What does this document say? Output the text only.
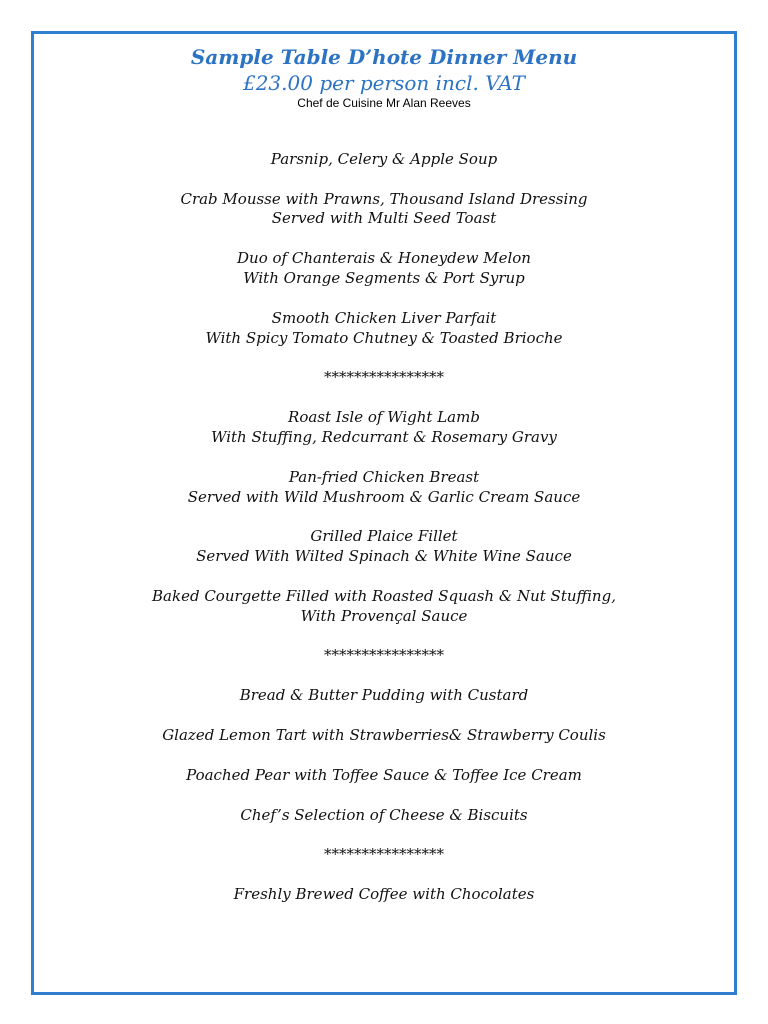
Sample Table D’hote Dinner Menu
£23.00 per person incl. VAT
Chef de Cuisine Mr Alan Reeves
Parsnip, Celery & Apple Soup
Crab Mousse with Prawns, Thousand Island Dressing
Served with Multi Seed Toast
Duo of Chanterais & Honeydew Melon
With Orange Segments & Port Syrup
Smooth Chicken Liver Parfait
With Spicy Tomato Chutney & Toasted Brioche
****************
Roast Isle of Wight Lamb
With Stuffing, Redcurrant & Rosemary Gravy
Pan-fried Chicken Breast
Served with Wild Mushroom & Garlic Cream Sauce
Grilled Plaice Fillet
Served With Wilted Spinach & White Wine Sauce
Baked Courgette Filled with Roasted Squash & Nut Stuffing,
With Provençal Sauce
****************
Bread & Butter Pudding with Custard
Glazed Lemon Tart with Strawberries& Strawberry Coulis
Poached Pear with Toffee Sauce & Toffee Ice Cream
Chef’s Selection of Cheese & Biscuits
****************
Freshly Brewed Coffee with Chocolates
